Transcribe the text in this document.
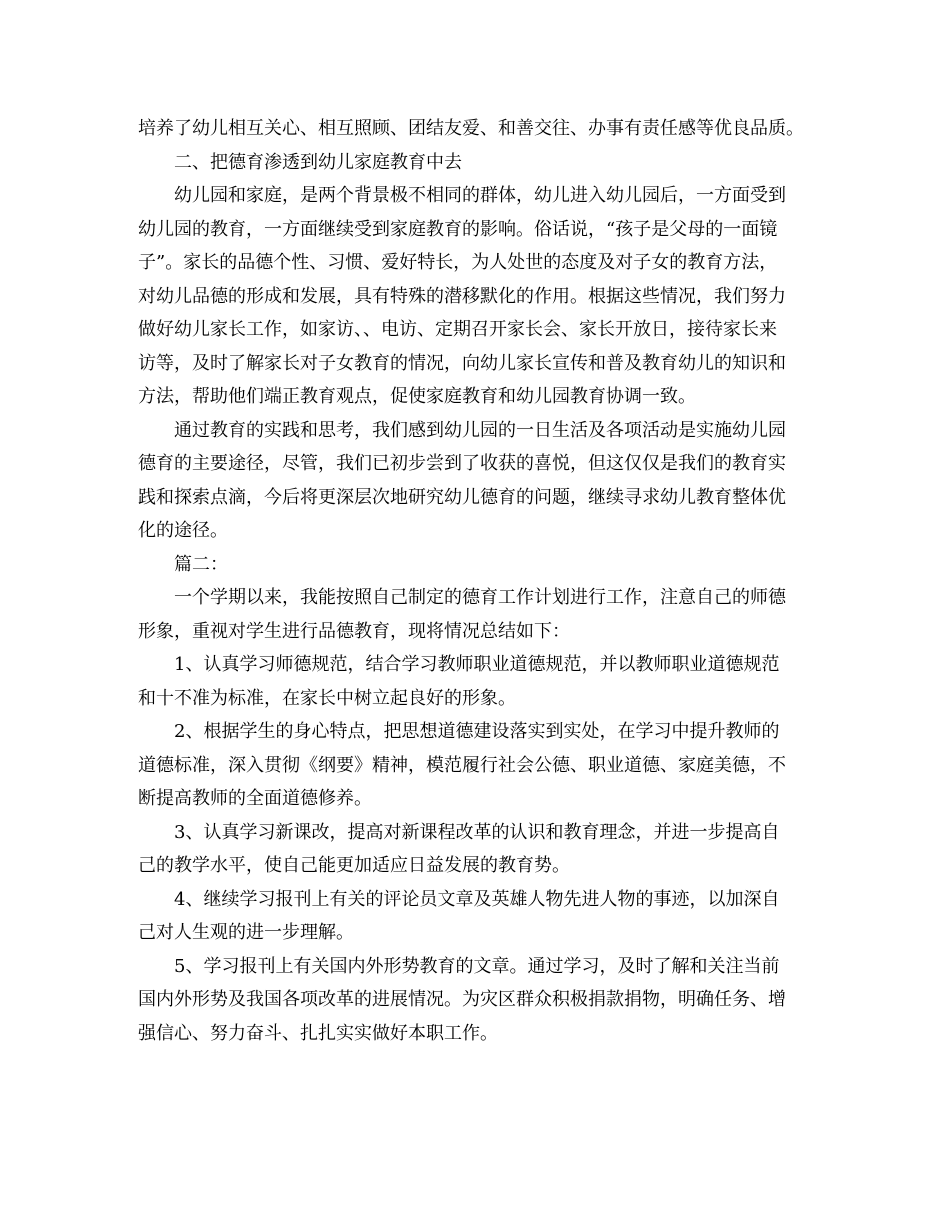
培养了幼儿相互关心、相互照顾、团结友爱、和善交往、办事有责任感等优良品质。

二、把德育渗透到幼儿家庭教育中去

幼儿园和家庭，是两个背景极不相同的群体，幼儿进入幼儿园后，一方面受到
幼儿园的教育，一方面继续受到家庭教育的影响。俗话说，“孩子是父母的一面镜
子”。家长的品德个性、习惯、爱好特长，为人处世的态度及对子女的教育方法，
对幼儿品德的形成和发展，具有特殊的潜移默化的作用。根据这些情况，我们努力
做好幼儿家长工作，如家访、、电访、定期召开家长会、家长开放日，接待家长来
访等，及时了解家长对子女教育的情况，向幼儿家长宣传和普及教育幼儿的知识和
方法，帮助他们端正教育观点，促使家庭教育和幼儿园教育协调一致。

通过教育的实践和思考，我们感到幼儿园的一日生活及各项活动是实施幼儿园
德育的主要途径，尽管，我们已初步尝到了收获的喜悦，但这仅仅是我们的教育实
践和探索点滴，今后将更深层次地研究幼儿德育的问题，继续寻求幼儿教育整体优
化的途径。

篇二：

一个学期以来，我能按照自己制定的德育工作计划进行工作，注意自己的师德
形象，重视对学生进行品德教育，现将情况总结如下：

1、认真学习师德规范，结合学习教师职业道德规范，并以教师职业道德规范
和十不准为标准，在家长中树立起良好的形象。

2、根据学生的身心特点，把思想道德建设落实到实处，在学习中提升教师的
道德标准，深入贯彻《纲要》精神，模范履行社会公德、职业道德、家庭美德，不
断提高教师的全面道德修养。

3、认真学习新课改，提高对新课程改革的认识和教育理念，并进一步提高自
己的教学水平，使自己能更加适应日益发展的教育势。

4、继续学习报刊上有关的评论员文章及英雄人物先进人物的事迹，以加深自
己对人生观的进一步理解。

5、学习报刊上有关国内外形势教育的文章。通过学习，及时了解和关注当前
国内外形势及我国各项改革的进展情况。为灾区群众积极捐款捐物，明确任务、增
强信心、努力奋斗、扎扎实实做好本职工作。
